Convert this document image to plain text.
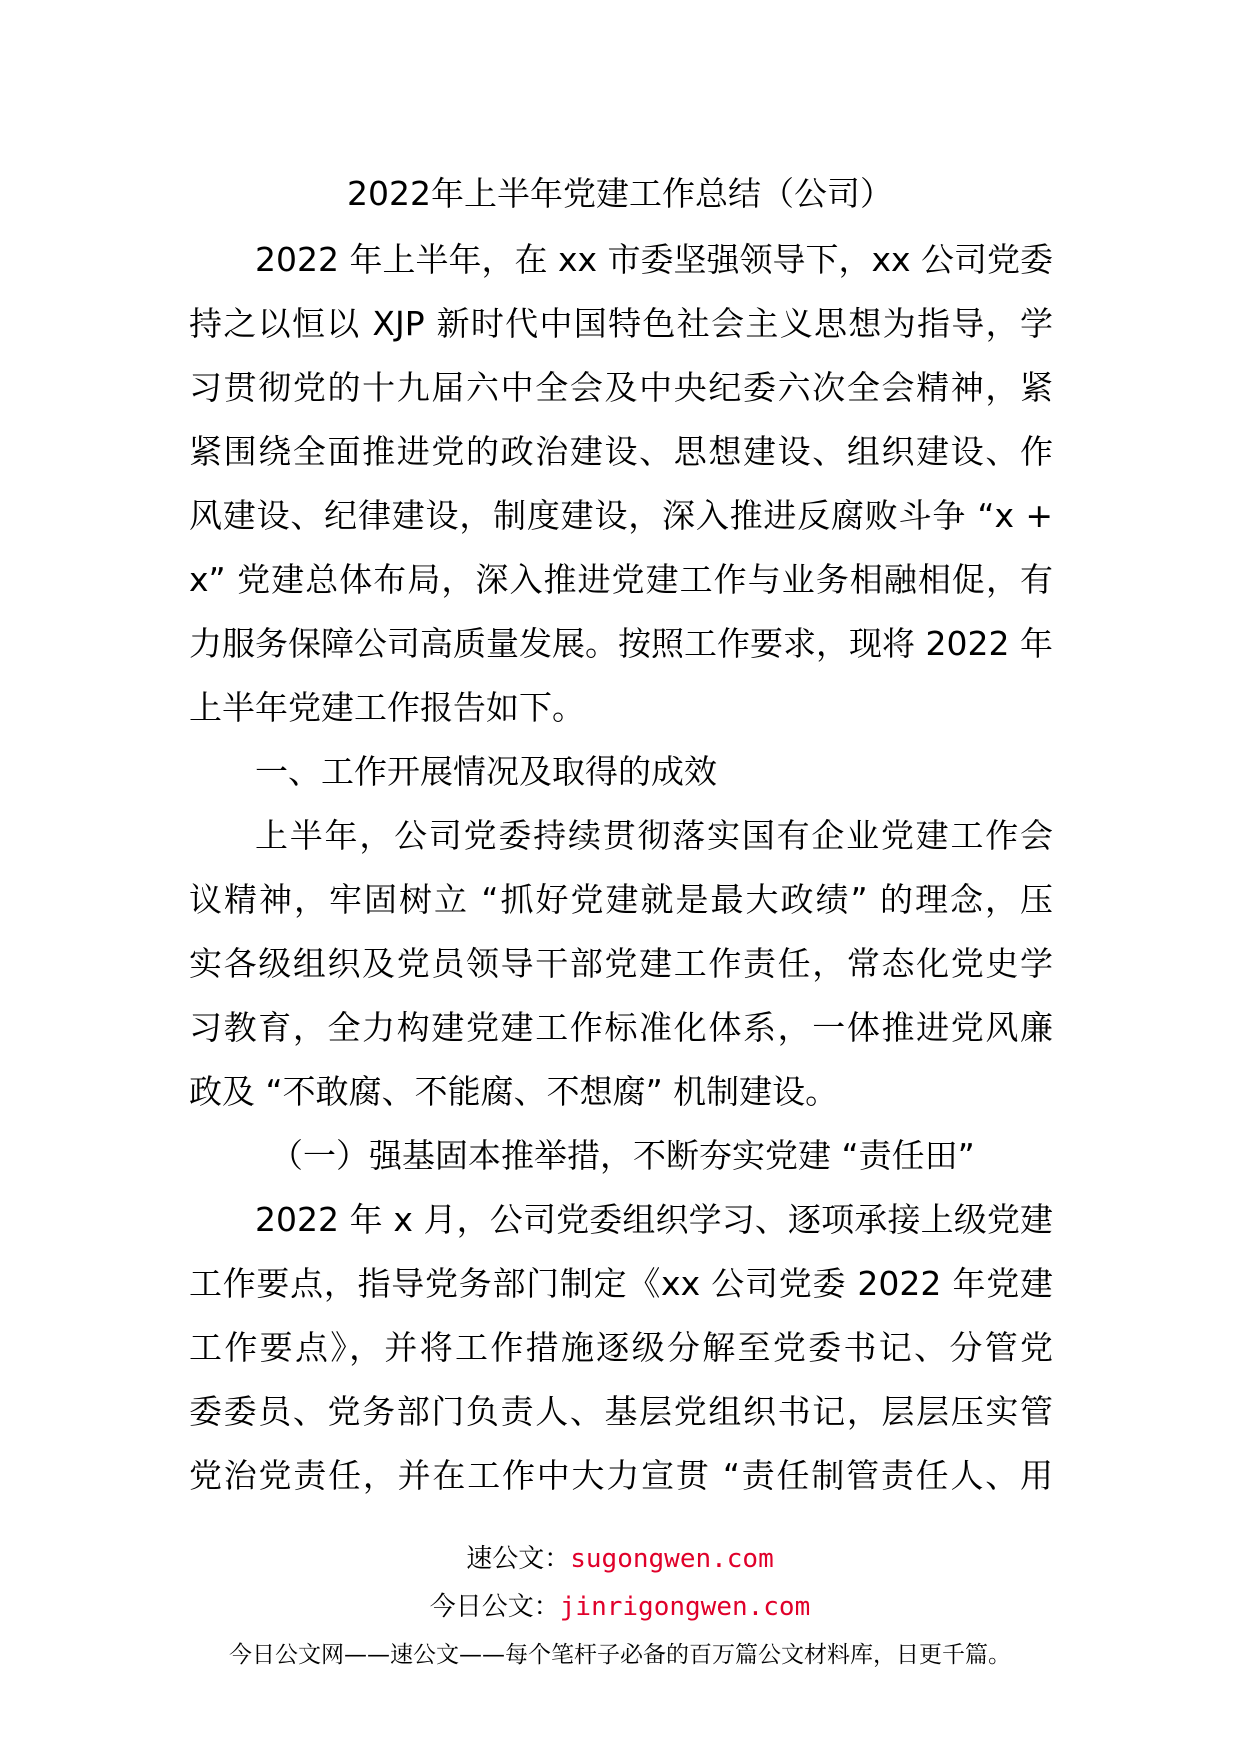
2022年上半年党建工作总结（公司）
2022 年上半年，在 xx 市委坚强领导下，xx 公司党委
持之以恒以 XJP 新时代中国特色社会主义思想为指导，学
习贯彻党的十九届六中全会及中央纪委六次全会精神，紧
紧围绕全面推进党的政治建设、思想建设、组织建设、作
风建设、纪律建设，制度建设，深入推进反腐败斗争 “x +
x” 党建总体布局，深入推进党建工作与业务相融相促，有
力服务保障公司高质量发展。按照工作要求，现将 2022 年
上半年党建工作报告如下。
一、工作开展情况及取得的成效
上半年，公司党委持续贯彻落实国有企业党建工作会
议精神，牢固树立 “抓好党建就是最大政绩” 的理念，压
实各级组织及党员领导干部党建工作责任，常态化党史学
习教育，全力构建党建工作标准化体系，一体推进党风廉
政及 “不敢腐、不能腐、不想腐” 机制建设。
（一）强基固本推举措，不断夯实党建 “责任田”
2022 年 x 月，公司党委组织学习、逐项承接上级党建
工作要点，指导党务部门制定《xx 公司党委 2022 年党建
工作要点》，并将工作措施逐级分解至党委书记、分管党
委委员、党务部门负责人、基层党组织书记，层层压实管
党治党责任，并在工作中大力宣贯 “责任制管责任人、用
速公文：sugongwen.com
今日公文：jinrigongwen.com
今日公文网——速公文——每个笔杆子必备的百万篇公文材料库，日更千篇。
